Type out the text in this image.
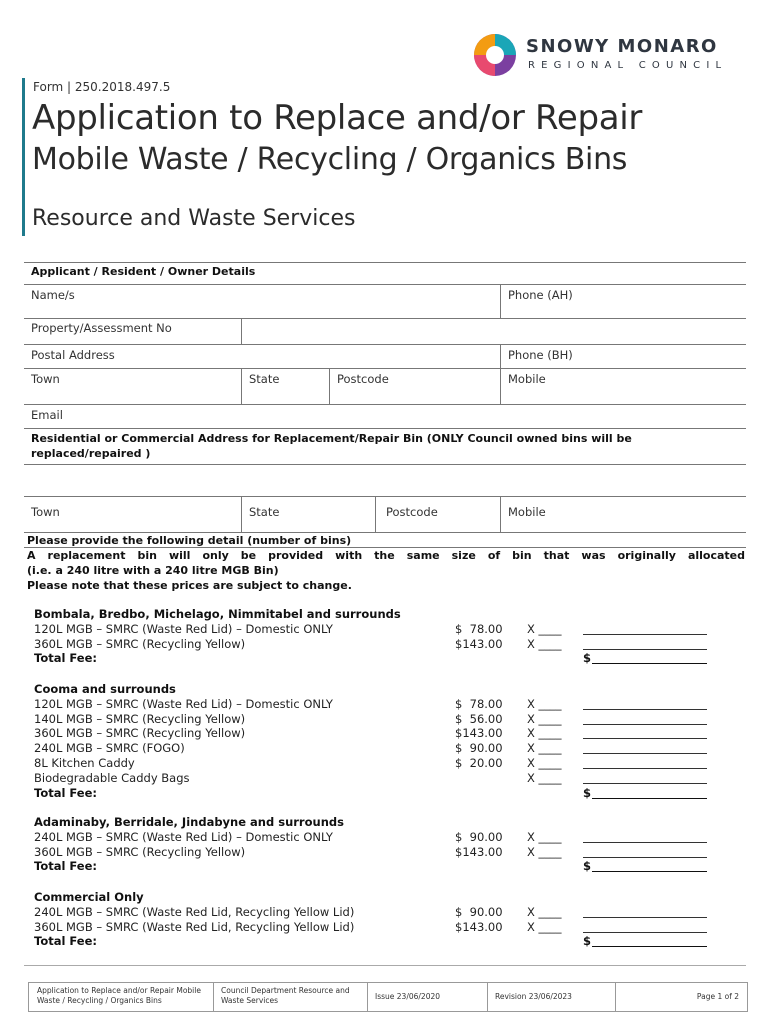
SNOWY MONARO
REGIONAL COUNCIL
Form | 250.2018.497.5
Application to Replace and/or Repair
Mobile Waste / Recycling / Organics Bins
Resource and Waste Services
Applicant / Resident / Owner Details
Name/s	Phone (AH)
Property/Assessment No
Postal Address	Phone (BH)
Town	State	Postcode	Mobile
Email
Residential or Commercial Address for Replacement/Repair Bin (ONLY Council owned bins will be
replaced/repaired )
Town	State	Postcode	Mobile
Please provide the following detail (number of bins)
A replacement bin will only be provided with the same size of bin that was originally allocated
(i.e. a 240 litre with a 240 litre MGB Bin)
Please note that these prices are subject to change.
Bombala, Bredbo, Michelago, Nimmitabel and surrounds
120L MGB – SMRC (Waste Red Lid) – Domestic ONLY	$  78.00 X ____
360L MGB – SMRC (Recycling Yellow)	$143.00 X ____
Total Fee:	$
Cooma and surrounds
120L MGB – SMRC (Waste Red Lid) – Domestic ONLY	$  78.00 X ____
140L MGB – SMRC (Recycling Yellow)	$  56.00 X ____
360L MGB – SMRC (Recycling Yellow)	$143.00 X ____
240L MGB – SMRC (FOGO)	$  90.00 X ____
8L Kitchen Caddy	$  20.00 X ____
Biodegradable Caddy Bags	X ____
Total Fee:	$
Adaminaby, Berridale, Jindabyne and surrounds
240L MGB – SMRC (Waste Red Lid) – Domestic ONLY	$  90.00 X ____
360L MGB – SMRC (Recycling Yellow)	$143.00 X ____
Total Fee:	$
Commercial Only
240L MGB – SMRC (Waste Red Lid, Recycling Yellow Lid)	$  90.00 X ____
360L MGB – SMRC (Waste Red Lid, Recycling Yellow Lid)	$143.00 X ____
Total Fee:	$
Application to Replace and/or Repair Mobile
Waste / Recycling / Organics Bins
Council Department Resource and
Waste Services	Issue 23/06/2020	Revision 23/06/2023	Page 1 of 2
